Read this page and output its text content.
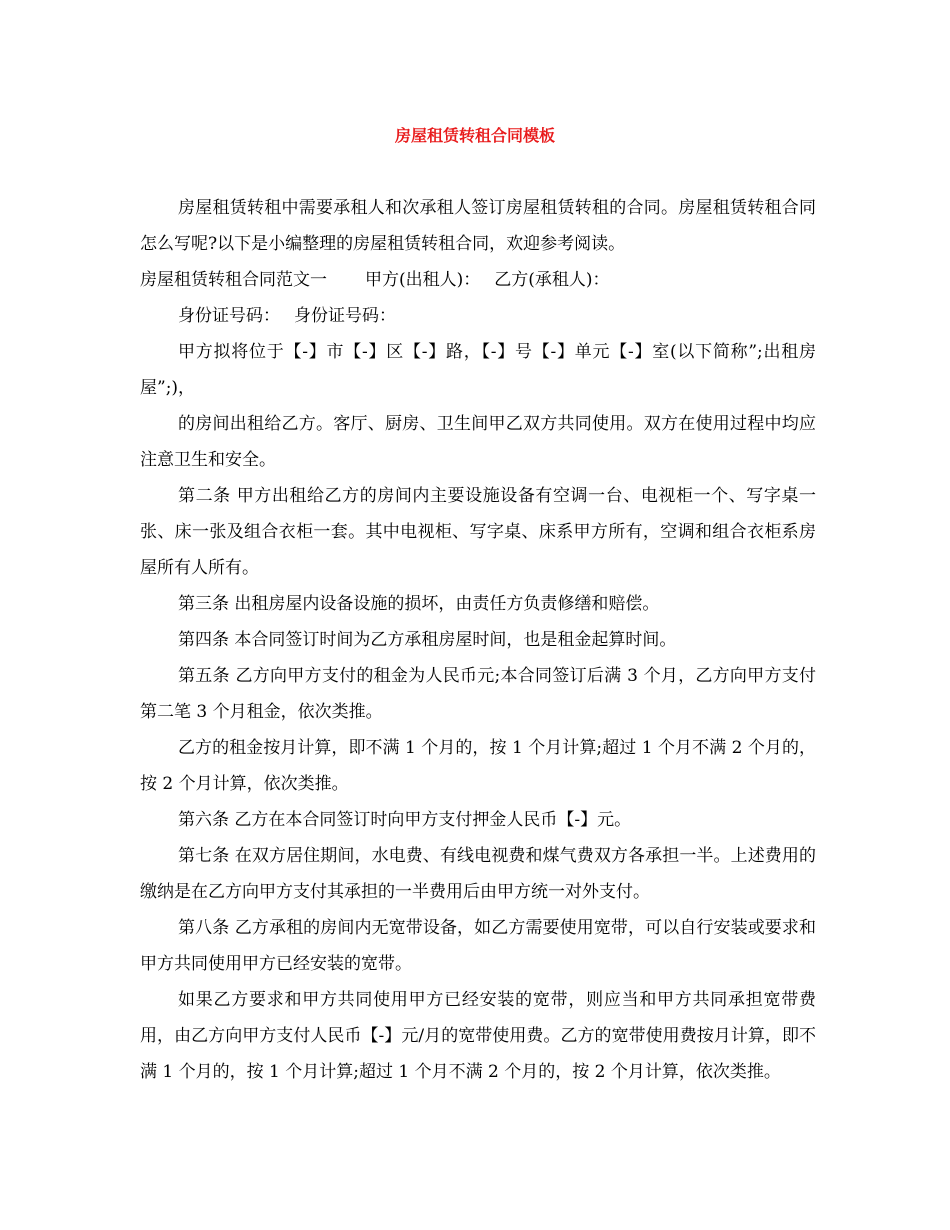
房屋租赁转租合同模板

房屋租赁转租中需要承租人和次承租人签订房屋租赁转租的合同。房屋租赁转租合同怎么写呢?以下是小编整理的房屋租赁转租合同，欢迎参考阅读。

房屋租赁转租合同范文一 甲方(出租人)： 乙方(承租人)：

身份证号码： 身份证号码：

甲方拟将位于【-】市【-】区【-】路，【-】号【-】单元【-】室(以下简称”;出租房屋”;)，

的房间出租给乙方。客厅、厨房、卫生间甲乙双方共同使用。双方在使用过程中均应注意卫生和安全。

第二条 甲方出租给乙方的房间内主要设施设备有空调一台、电视柜一个、写字桌一张、床一张及组合衣柜一套。其中电视柜、写字桌、床系甲方所有，空调和组合衣柜系房屋所有人所有。

第三条 出租房屋内设备设施的损坏，由责任方负责修缮和赔偿。

第四条 本合同签订时间为乙方承租房屋时间，也是租金起算时间。

第五条 乙方向甲方支付的租金为人民币元;本合同签订后满 3 个月，乙方向甲方支付第二笔 3 个月租金，依次类推。

乙方的租金按月计算，即不满 1 个月的，按 1 个月计算;超过 1 个月不满 2 个月的，按 2 个月计算，依次类推。

第六条 乙方在本合同签订时向甲方支付押金人民币【-】元。

第七条 在双方居住期间，水电费、有线电视费和煤气费双方各承担一半。上述费用的缴纳是在乙方向甲方支付其承担的一半费用后由甲方统一对外支付。

第八条 乙方承租的房间内无宽带设备，如乙方需要使用宽带，可以自行安装或要求和甲方共同使用甲方已经安装的宽带。

如果乙方要求和甲方共同使用甲方已经安装的宽带，则应当和甲方共同承担宽带费用，由乙方向甲方支付人民币【-】元/月的宽带使用费。乙方的宽带使用费按月计算，即不满 1 个月的，按 1 个月计算;超过 1 个月不满 2 个月的，按 2 个月计算，依次类推。
